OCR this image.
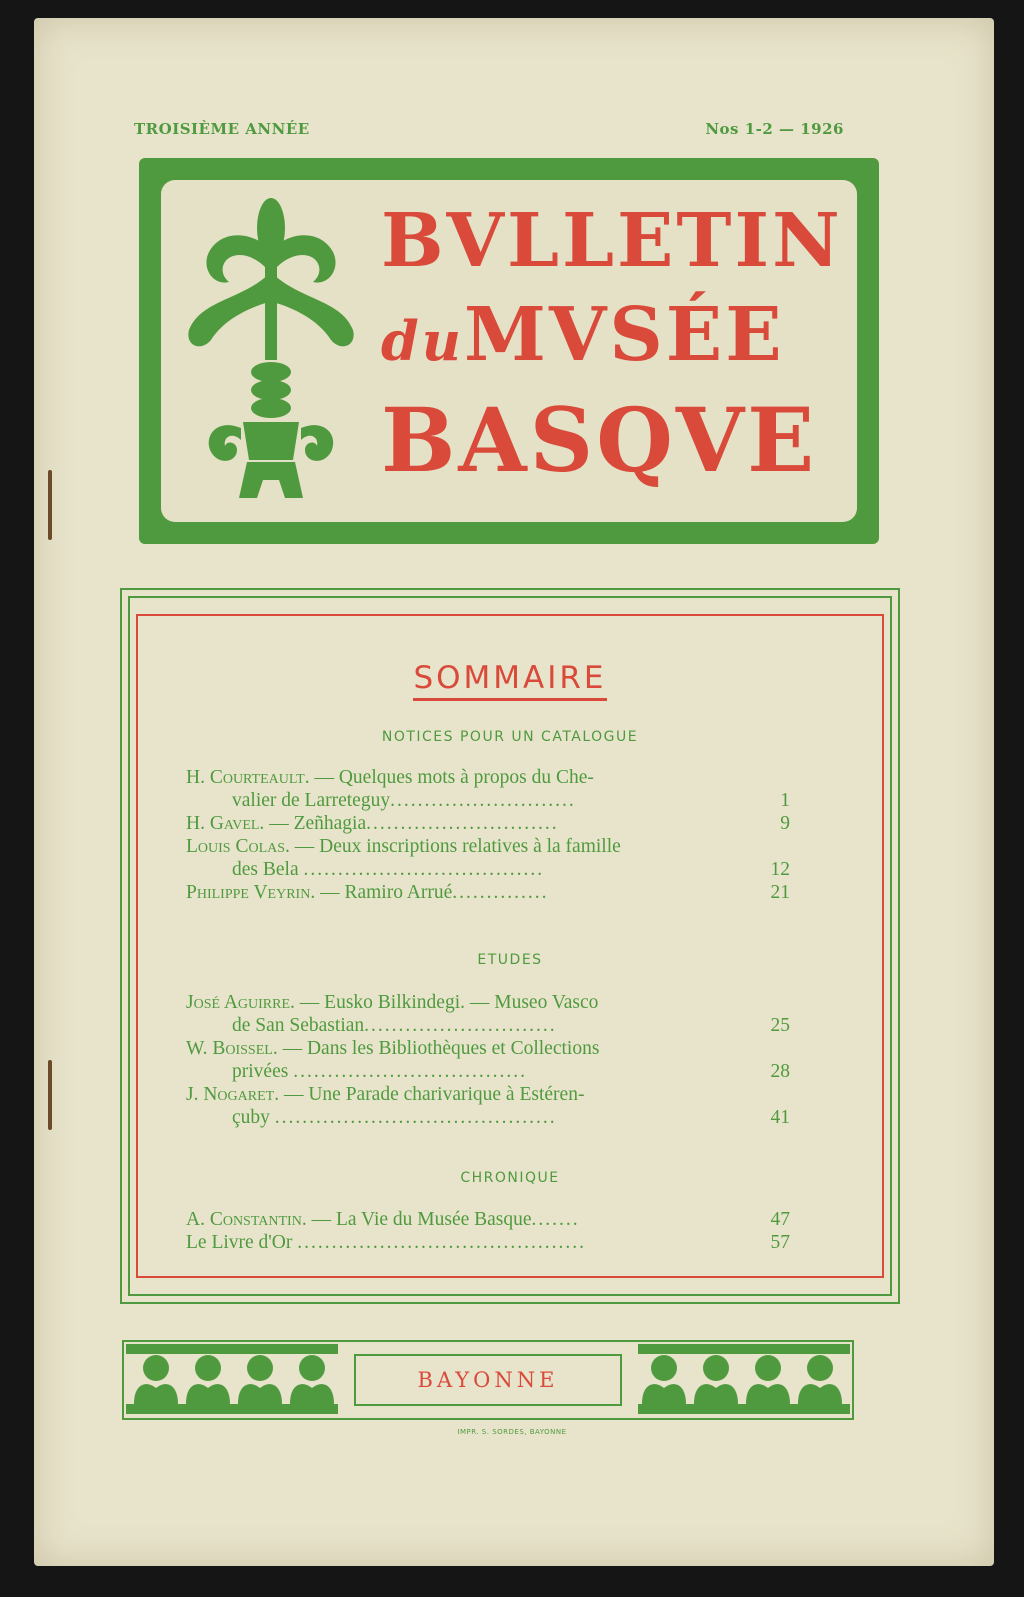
TROISIÈME ANNÉE	Nos 1-2 — 1926
BVLLETIN
duMVSÉE
BASQVE
SOMMAIRE
NOTICES POUR UN CATALOGUE
H. Courteault. — Quelques mots à propos du Che-
valier de Larreteguy...........................	1
H. Gavel. — Zeñhagia............................	9
Louis Colas. — Deux inscriptions relatives à la famille
des Bela ...................................	12
Philippe Veyrin. — Ramiro Arrué..............	21
ETUDES
José Aguirre. — Eusko Bilkindegi. — Museo Vasco
de San Sebastian............................	25
W. Boissel. — Dans les Bibliothèques et Collections
privées ..................................	28
J. Nogaret. — Une Parade charivarique à Estéren-
çuby .........................................	41
CHRONIQUE
A. Constantin. — La Vie du Musée Basque.......	47
Le Livre d'Or ..........................................	57
BAYONNE
IMPR. S. SORDES, BAYONNE
